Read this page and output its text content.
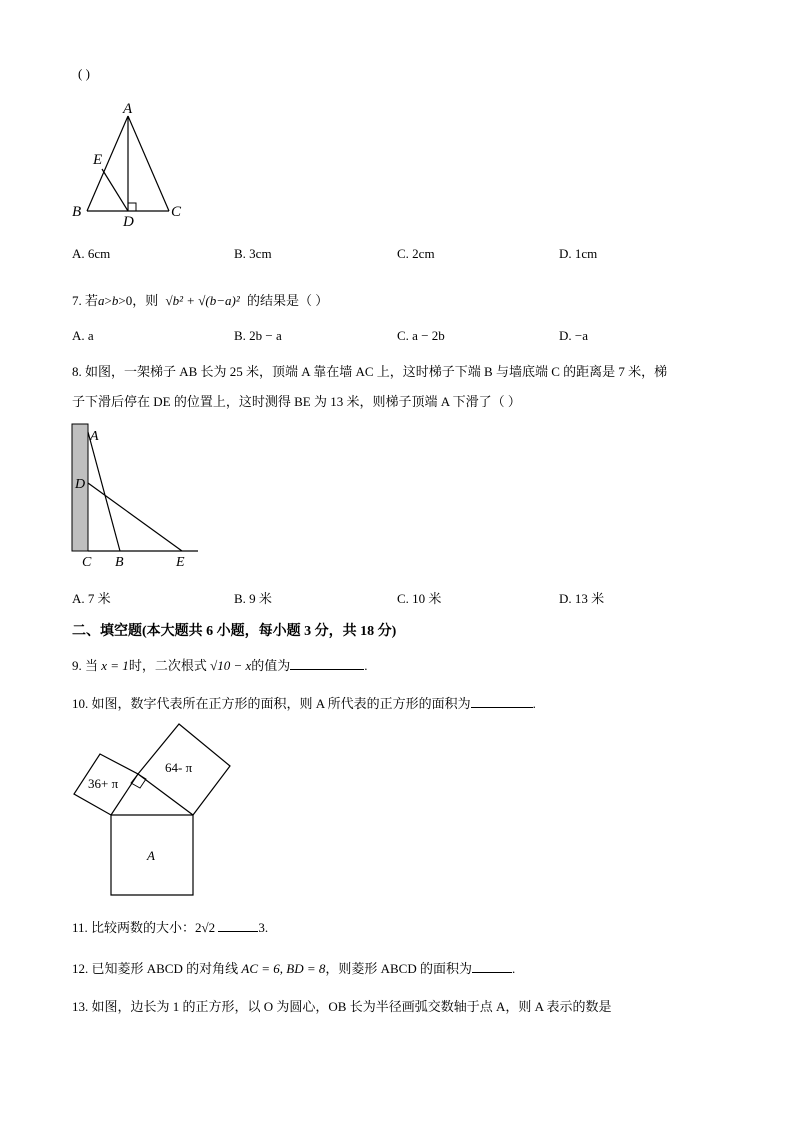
( )
A
E
B
D
C
A. 6cm	B. 3cm	C. 2cm	D. 1cm
7. 若a>b>0，则 √b² + √(b−a)² 的结果是（ ）
A. a	B. 2b − a	C. a − 2b	D. −a
8. 如图，一架梯子 AB 长为 25 米，顶端 A 靠在墙 AC 上，这时梯子下端 B 与墙底端 C 的距离是 7 米，梯
子下滑后停在 DE 的位置上，这时测得 BE 为 13 米，则梯子顶端 A 下滑了（ ）
A
D
C B	E
A. 7 米	B. 9 米	C. 10 米	D. 13 米
二、填空题(本大题共 6 小题，每小题 3 分，共 18 分)
9. 当 x = 1时，二次根式 √10 − x的值为	.
10. 如图，数字代表所在正方形的面积，则 A 所代表的正方形的面积为	.
36+ π
64- π
A
11. 比较两数的大小：2√2	3.
12. 已知菱形 ABCD 的对角线 AC = 6, BD = 8，则菱形 ABCD 的面积为	.
13. 如图，边长为 1 的正方形，以 O 为圆心，OB 长为半径画弧交数轴于点 A，则 A 表示的数是
